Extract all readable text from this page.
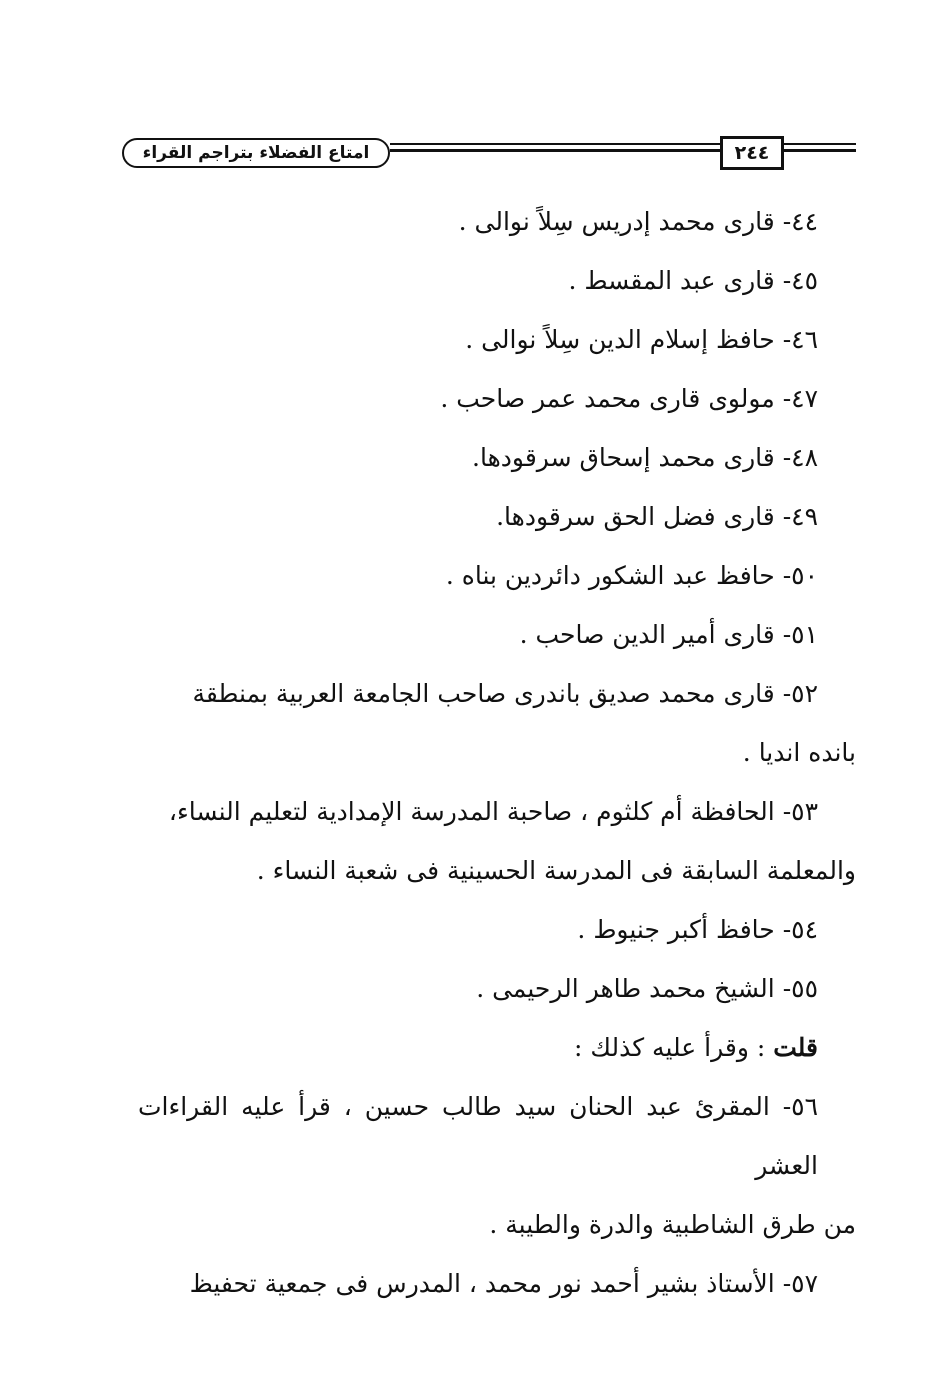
امتاع الفضلاء بتراجم القراء	٢٤٤

٤٤- قارى محمد إدريس سِلاً نوالى .

٤٥- قارى عبد المقسط .

٤٦- حافظ إسلام الدين سِلاً نوالى .

٤٧- مولوى قارى محمد عمر صاحب .

٤٨- قارى محمد إسحاق سرقودها.

٤٩- قارى فضل الحق سرقودها.

٥٠- حافظ عبد الشكور دائردين بناه .

٥١- قارى أمير الدين صاحب .

٥٢- قارى محمد صديق باندرى صاحب الجامعة العربية بمنطقة
بانده انديا .

٥٣- الحافظة أم كلثوم ، صاحبة المدرسة الإمدادية لتعليم النساء،
والمعلمة السابقة فى المدرسة الحسينية فى شعبة النساء .

٥٤- حافظ أكبر جنيوط .

٥٥- الشيخ محمد طاهر الرحيمى .

قلت : وقرأ عليه كذلك :

٥٦- المقرئ عبد الحنان سيد طالب حسين ، قرأ عليه القراءات العشر
من طرق الشاطبية والدرة والطيبة .

٥٧- الأستاذ بشير أحمد نور محمد ، المدرس فى جمعية تحفيظ
